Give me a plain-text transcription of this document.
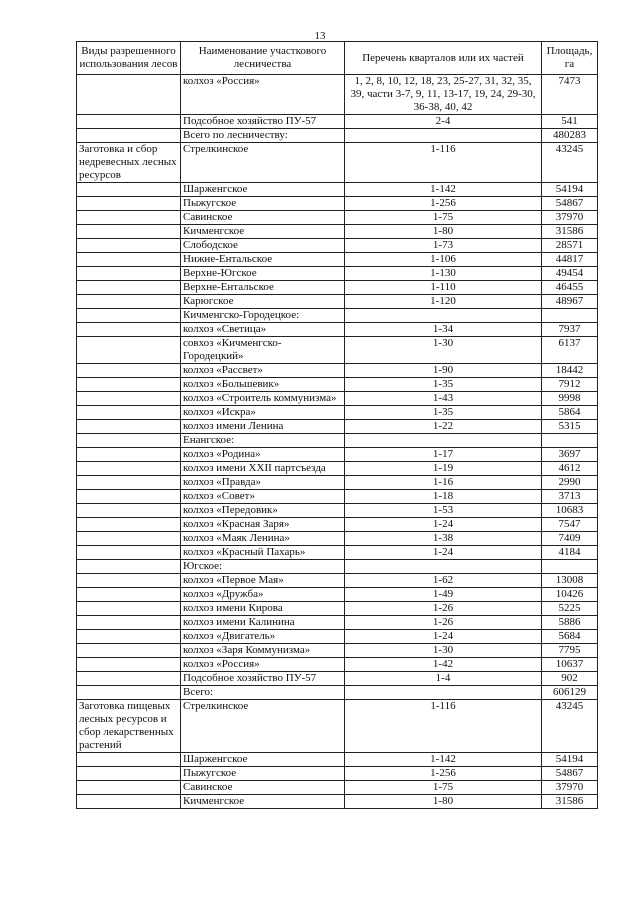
13
Виды разрешенного использования лесов	Наименование участкового лесничества	Перечень кварталов или их частей	Площадь, га
	колхоз «Россия»	1, 2, 8, 10, 12, 18, 23, 25-27, 31, 32, 35, 39, части 3-7, 9, 11, 13-17, 19, 24, 29-30, 36-38, 40, 42	7473
	Подсобное хозяйство ПУ-57	2-4	541
	Всего по лесничеству:		480283
Заготовка и сбор недревесных лесных ресурсов	Стрелкинское	1-116	43245
	Шарженгское	1-142	54194
	Пыжугское	1-256	54867
	Савинское	1-75	37970
	Кичменгское	1-80	31586
	Слободское	1-73	28571
	Нижне-Ентальское	1-106	44817
	Верхне-Югское	1-130	49454
	Верхне-Ентальское	1-110	46455
	Карюгское	1-120	48967
	Кичменгско-Городецкое:		
	колхоз «Светица»	1-34	7937
	совхоз «Кичменгско-Городецкий»	1-30	6137
	колхоз «Рассвет»	1-90	18442
	колхоз «Большевик»	1-35	7912
	колхоз «Строитель коммунизма»	1-43	9998
	колхоз «Искра»	1-35	5864
	колхоз имени Ленина	1-22	5315
	Енангское:		
	колхоз «Родина»	1-17	3697
	колхоз имени XXII партсъезда	1-19	4612
	колхоз «Правда»	1-16	2990
	колхоз «Совет»	1-18	3713
	колхоз «Передовик»	1-53	10683
	колхоз «Красная Заря»	1-24	7547
	колхоз «Маяк Ленина»	1-38	7409
	колхоз «Красный Пахарь»	1-24	4184
	Югское:		
	колхоз «Первое Мая»	1-62	13008
	колхоз «Дружба»	1-49	10426
	колхоз имени Кирова	1-26	5225
	колхоз имени Калинина	1-26	5886
	колхоз «Двигатель»	1-24	5684
	колхоз «Заря Коммунизма»	1-30	7795
	колхоз «Россия»	1-42	10637
	Подсобное хозяйство ПУ-57	1-4	902
	Всего:		606129
Заготовка пищевых лесных ресурсов и сбор лекарственных растений	Стрелкинское	1-116	43245
	Шарженгское	1-142	54194
	Пыжугское	1-256	54867
	Савинское	1-75	37970
	Кичменгское	1-80	31586
